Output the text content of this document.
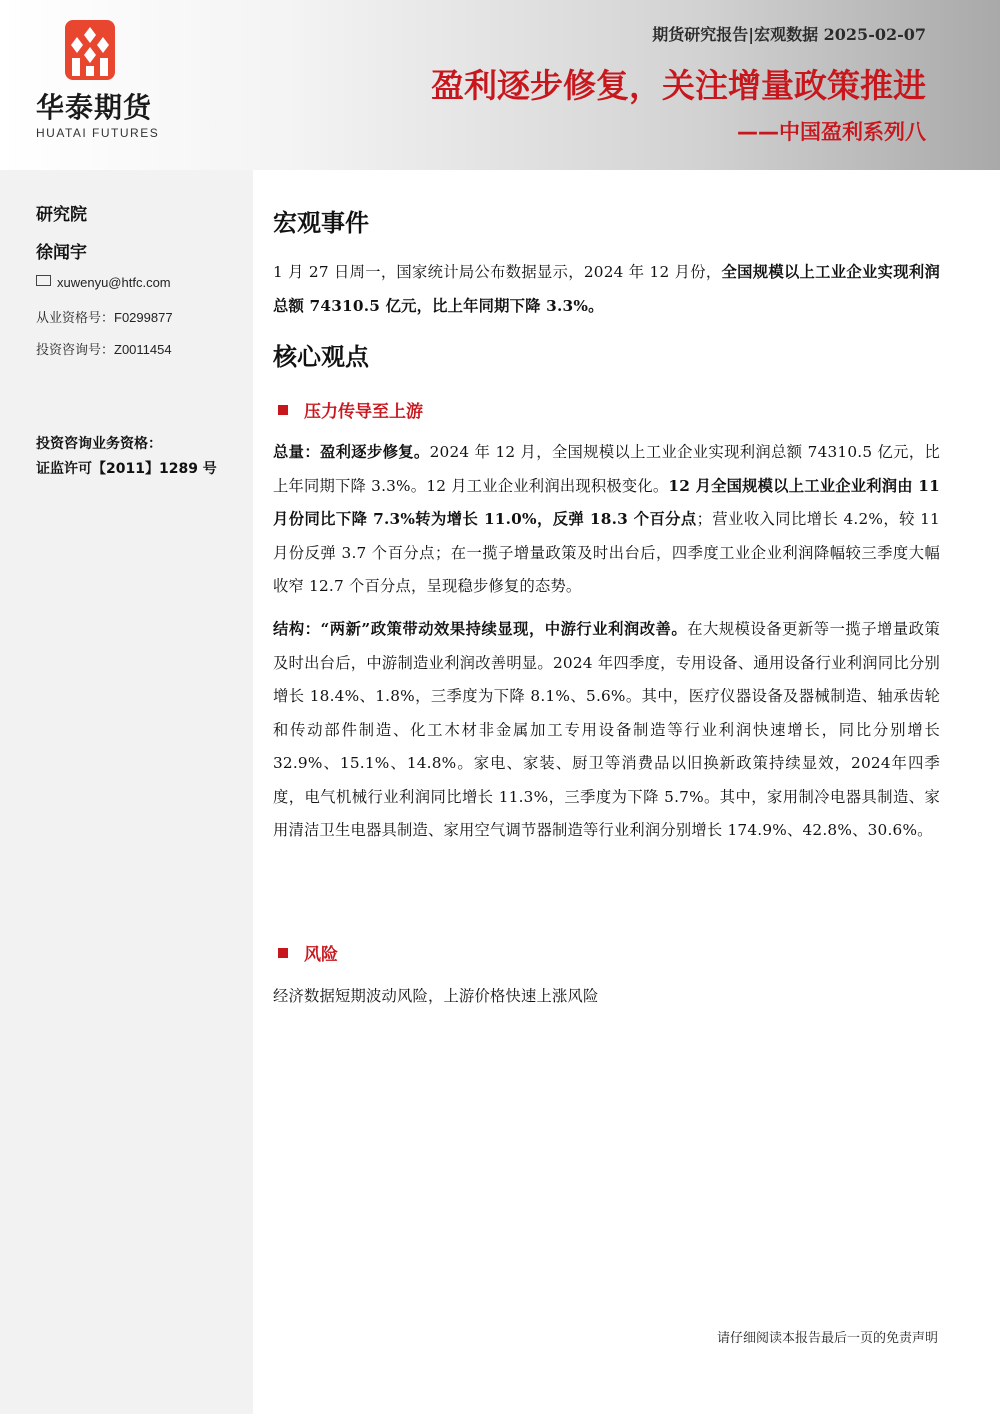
华泰期货
HUATAI FUTURES
期货研究报告|宏观数据 2025-02-07
盈利逐步修复，关注增量政策推进
——中国盈利系列八
研究院
徐闻宇
xuwenyu@htfc.com
从业资格号：F0299877
投资咨询号：Z0011454
投资咨询业务资格：
证监许可【2011】1289 号
宏观事件
1 月 27 日周一，国家统计局公布数据显示，2024 年 12 月份，全国规模以上工业企业实现利润总额 74310.5 亿元，比上年同期下降 3.3%。
核心观点
压力传导至上游
总量：盈利逐步修复。2024 年 12 月，全国规模以上工业企业实现利润总额 74310.5 亿元，比上年同期下降 3.3%。12 月工业企业利润出现积极变化。12 月全国规模以上工业企业利润由 11 月份同比下降 7.3%转为增长 11.0%，反弹 18.3 个百分点；营业收入同比增长 4.2%，较 11 月份反弹 3.7 个百分点；在一揽子增量政策及时出台后，四季度工业企业利润降幅较三季度大幅收窄 12.7 个百分点，呈现稳步修复的态势。
结构：“两新”政策带动效果持续显现，中游行业利润改善。在大规模设备更新等一揽子增量政策及时出台后，中游制造业利润改善明显。2024 年四季度，专用设备、通用设备行业利润同比分别增长 18.4%、1.8%，三季度为下降 8.1%、5.6%。其中，医疗仪器设备及器械制造、轴承齿轮和传动部件制造、化工木材非金属加工专用设备制造等行业利润快速增长，同比分别增长 32.9%、15.1%、14.8%。家电、家装、厨卫等消费品以旧换新政策持续显效，2024年四季度，电气机械行业利润同比增长 11.3%，三季度为下降 5.7%。其中，家用制冷电器具制造、家用清洁卫生电器具制造、家用空气调节器制造等行业利润分别增长 174.9%、42.8%、30.6%。
风险
经济数据短期波动风险，上游价格快速上涨风险
请仔细阅读本报告最后一页的免责声明
